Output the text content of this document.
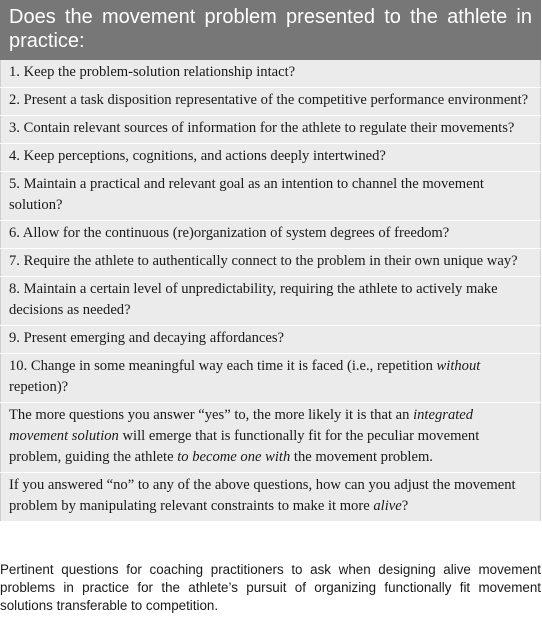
Does the movement problem presented to the athlete in practice:
1. Keep the problem-solution relationship intact?
2. Present a task disposition representative of the competitive performance environment?
3. Contain relevant sources of information for the athlete to regulate their movements?
4. Keep perceptions, cognitions, and actions deeply intertwined?
5. Maintain a practical and relevant goal as an intention to channel the movement solution?
6. Allow for the continuous (re)organization of system degrees of freedom?
7. Require the athlete to authentically connect to the problem in their own unique way?
8. Maintain a certain level of unpredictability, requiring the athlete to actively make decisions as needed?
9. Present emerging and decaying affordances?
10. Change in some meaningful way each time it is faced (i.e., repetition without repetion)?
The more questions you answer “yes” to, the more likely it is that an integrated movement solution will emerge that is functionally fit for the peculiar movement problem, guiding the athlete to become one with the movement problem.
If you answered “no” to any of the above questions, how can you adjust the movement problem by manipulating relevant constraints to make it more alive?
Pertinent questions for coaching practitioners to ask when designing alive movement problems in practice for the athlete’s pursuit of organizing functionally fit movement solutions transferable to competition.
